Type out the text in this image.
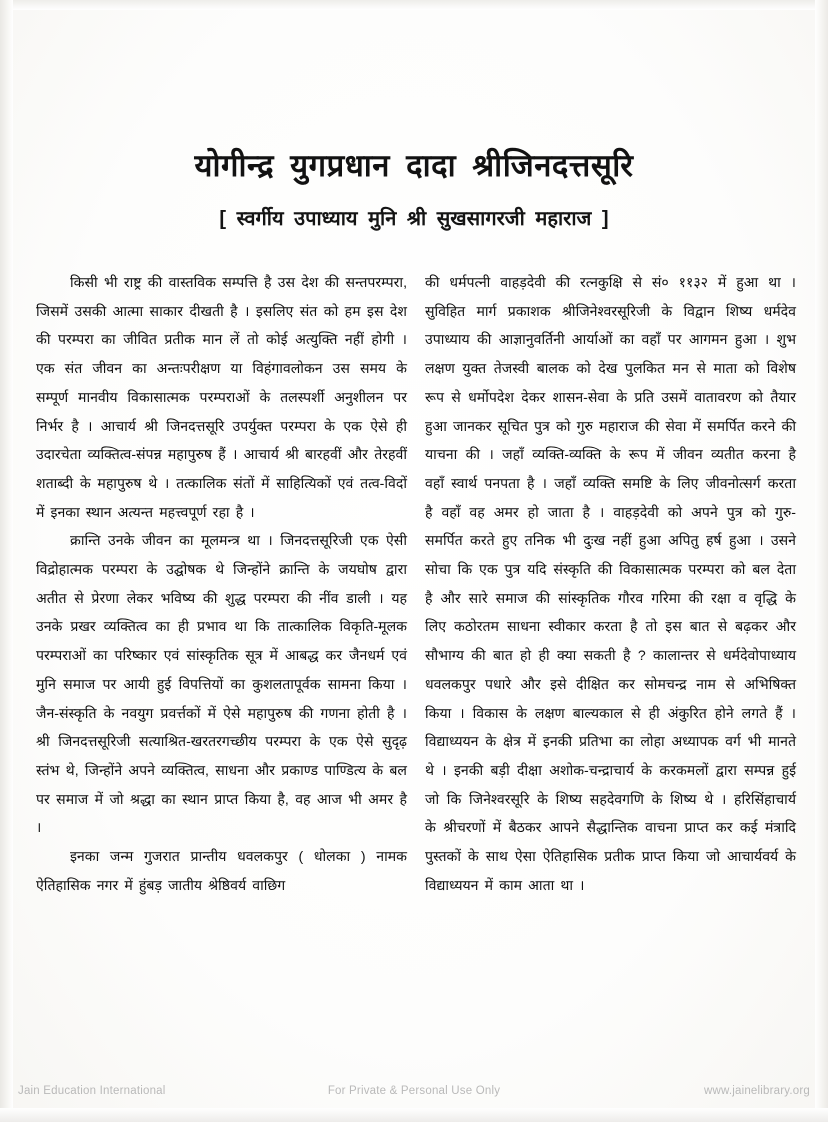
योगीन्द्र युगप्रधान दादा श्रीजिनदत्तसूरि
[ स्वर्गीय उपाध्याय मुनि श्री सुखसागरजी महाराज ]

किसी भी राष्ट्र की वास्तविक सम्पत्ति है उस देश की सन्तपरम्परा, जिसमें उसकी आत्मा साकार दीखती है । इसलिए संत को हम इस देश की परम्परा का जीवित प्रतीक मान लें तो कोई अत्युक्ति नहीं होगी । एक संत जीवन का अन्तःपरीक्षण या विहंगावलोकन उस समय के सम्पूर्ण मानवीय विकासात्मक परम्पराओं के तलस्पर्शी अनुशीलन पर निर्भर है । आचार्य श्री जिनदत्तसूरि उपर्युक्त परम्परा के एक ऐसे ही उदारचेता व्यक्तित्व-संपन्न महापुरुष हैं । आचार्य श्री बारहवीं और तेरहवीं शताब्दी के महापुरुष थे । तत्कालिक संतों में साहित्यिकों एवं तत्व-विदों में इनका स्थान अत्यन्त महत्त्वपूर्ण रहा है ।

क्रान्ति उनके जीवन का मूलमन्त्र था । जिनदत्तसूरिजी एक ऐसी विद्रोहात्मक परम्परा के उद्घोषक थे जिन्होंने क्रान्ति के जयघोष द्वारा अतीत से प्रेरणा लेकर भविष्य की शुद्ध परम्परा की नींव डाली । यह उनके प्रखर व्यक्तित्व का ही प्रभाव था कि तात्कालिक विकृति-मूलक परम्पराओं का परिष्कार एवं सांस्कृतिक सूत्र में आबद्ध कर जैनधर्म एवं मुनि समाज पर आयी हुई विपत्तियों का कुशलतापूर्वक सामना किया । जैन-संस्कृति के नवयुग प्रवर्त्तकों में ऐसे महापुरुष की गणना होती है । श्री जिनदत्तसूरिजी सत्याश्रित-खरतरगच्छीय परम्परा के एक ऐसे सुदृढ़ स्तंभ थे, जिन्होंने अपने व्यक्तित्व, साधना और प्रकाण्ड पाण्डित्य के बल पर समाज में जो श्रद्धा का स्थान प्राप्त किया है, वह आज भी अमर है ।

इनका जन्म गुजरात प्रान्तीय धवलकपुर ( धोलका ) नामक ऐतिहासिक नगर में हुंबड़ जातीय श्रेष्ठिवर्य वाछिग

की धर्मपत्नी वाहड़देवी की रत्नकुक्षि से सं० ११३२ में हुआ था । सुविहित मार्ग प्रकाशक श्रीजिनेश्वरसूरिजी के विद्वान शिष्य धर्मदेव उपाध्याय की आज्ञानुवर्तिनी आर्याओं का वहाँ पर आगमन हुआ । शुभ लक्षण युक्त तेजस्वी बालक को देख पुलकित मन से माता को विशेष रूप से धर्मोपदेश देकर शासन-सेवा के प्रति उसमें वातावरण को तैयार हुआ जानकर सूचित पुत्र को गुरु महाराज की सेवा में समर्पित करने की याचना की । जहाँ व्यक्ति-व्यक्ति के रूप में जीवन व्यतीत करना है वहाँ स्वार्थ पनपता है । जहाँ व्यक्ति समष्टि के लिए जीवनोत्सर्ग करता है वहाँ वह अमर हो जाता है । वाहड़देवी को अपने पुत्र को गुरु-समर्पित करते हुए तनिक भी दुःख नहीं हुआ अपितु हर्ष हुआ । उसने सोचा कि एक पुत्र यदि संस्कृति की विकासात्मक परम्परा को बल देता है और सारे समाज की सांस्कृतिक गौरव गरिमा की रक्षा व वृद्धि के लिए कठोरतम साधना स्वीकार करता है तो इस बात से बढ़कर और सौभाग्य की बात हो ही क्या सकती है ? कालान्तर से धर्मदेवोपाध्याय धवलकपुर पधारे और इसे दीक्षित कर सोमचन्द्र नाम से अभिषिक्त किया । विकास के लक्षण बाल्यकाल से ही अंकुरित होने लगते हैं । विद्याध्ययन के क्षेत्र में इनकी प्रतिभा का लोहा अध्यापक वर्ग भी मानते थे । इनकी बड़ी दीक्षा अशोक-चन्द्राचार्य के करकमलों द्वारा सम्पन्न हुई जो कि जिनेश्वरसूरि के शिष्य सहदेवगणि के शिष्य थे । हरिसिंहाचार्य के श्रीचरणों में बैठकर आपने सैद्धान्तिक वाचना प्राप्त कर कई मंत्रादि पुस्तकों के साथ ऐसा ऐतिहासिक प्रतीक प्राप्त किया जो आचार्यवर्य के विद्याध्ययन में काम आता था ।

Jain Education International	For Private & Personal Use Only	www.jainelibrary.org
